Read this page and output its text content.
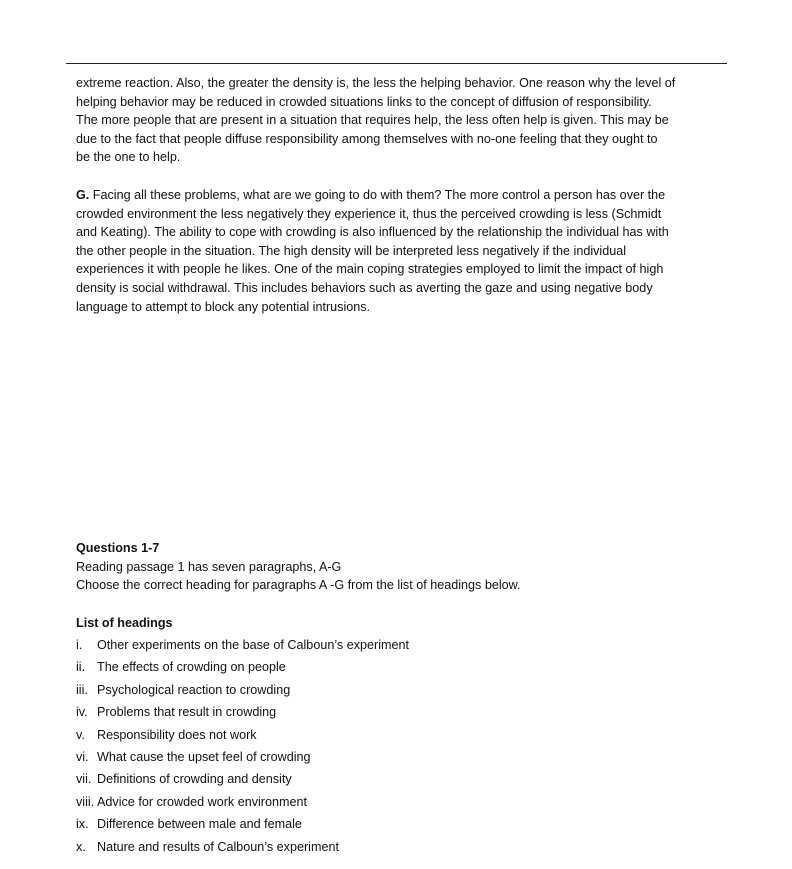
extreme reaction. Also, the greater the density is, the less the helping behavior. One reason why the level of
helping behavior may be reduced in crowded situations links to the concept of diffusion of responsibility.
The more people that are present in a situation that requires help, the less often help is given. This may be
due to the fact that people diffuse responsibility among themselves with no-one feeling that they ought to
be the one to help.

G. Facing all these problems, what are we going to do with them? The more control a person has over the
crowded environment the less negatively they experience it, thus the perceived crowding is less (Schmidt
and Keating). The ability to cope with crowding is also influenced by the relationship the individual has with
the other people in the situation. The high density will be interpreted less negatively if the individual
experiences it with people he likes. One of the main coping strategies employed to limit the impact of high
density is social withdrawal. This includes behaviors such as averting the gaze and using negative body
language to attempt to block any potential intrusions.

Questions 1-7
Reading passage 1 has seven paragraphs, A-G
Choose the correct heading for paragraphs A -G from the list of headings below.
List of headings
i. Other experiments on the base of Calboun’s experiment
ii. The effects of crowding on people
iii. Psychological reaction to crowding
iv. Problems that result in crowding
v. Responsibility does not work
vi. What cause the upset feel of crowding
vii. Definitions of crowding and density
viii. Advice for crowded work environment
ix. Difference between male and female
x. Nature and results of Calboun’s experiment
